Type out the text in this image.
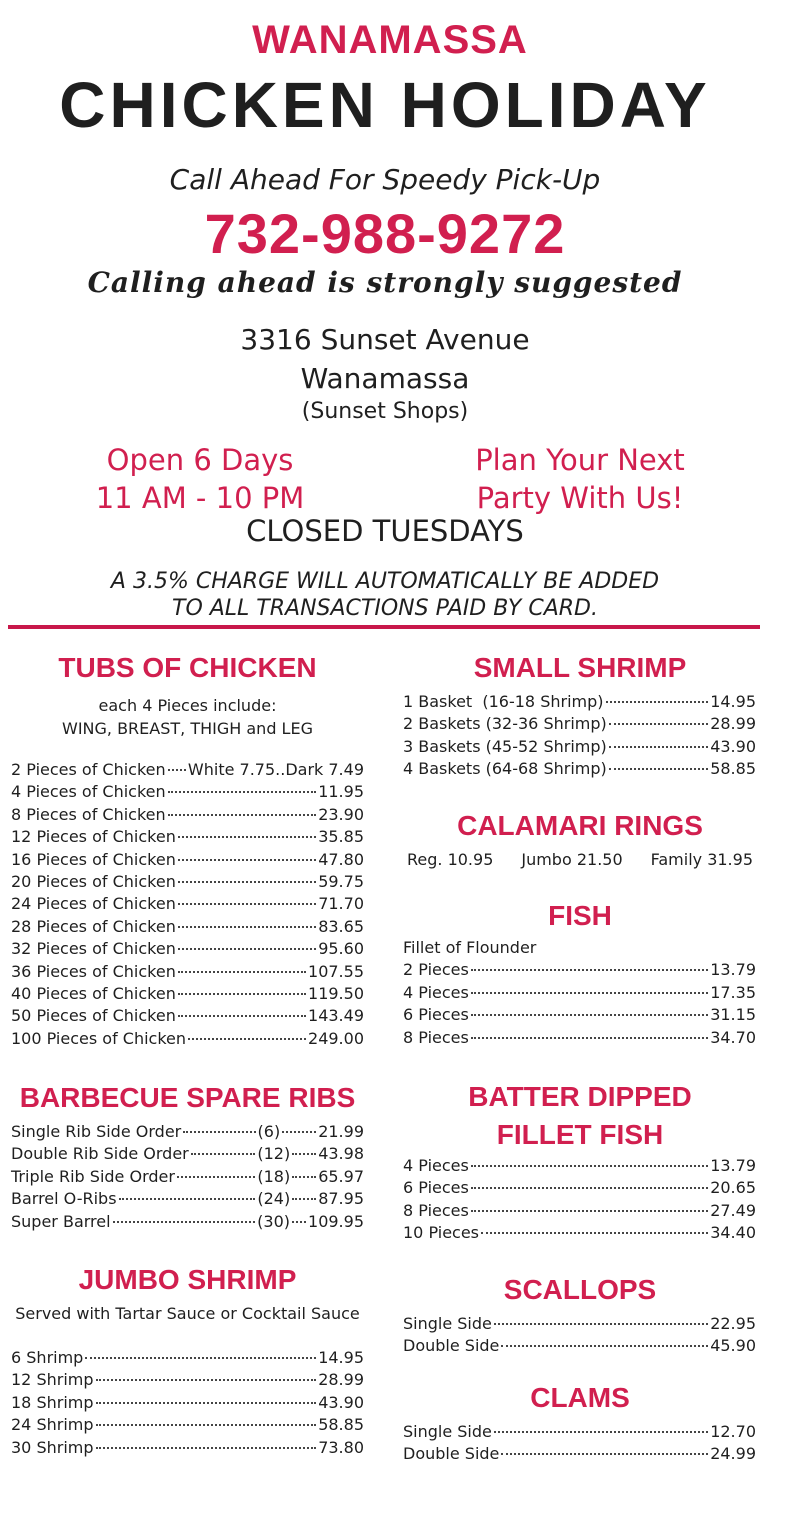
WANAMASSA
CHICKEN HOLIDAY
Call Ahead For Speedy Pick-Up
732-988-9272
Calling ahead is strongly suggested
3316 Sunset Avenue
Wanamassa
(Sunset Shops)
Open 6 Days
11 AM - 10 PM
Plan Your Next
Party With Us!
CLOSED TUESDAYS
A 3.5% CHARGE WILL AUTOMATICALLY BE ADDED
TO ALL TRANSACTIONS PAID BY CARD.
TUBS OF CHICKEN
each 4 Pieces include:
WING, BREAST, THIGH and LEG
2 Pieces of Chicken White 7.75..Dark 7.49
4 Pieces of Chicken	11.95
8 Pieces of Chicken	23.90
12 Pieces of Chicken	35.85
16 Pieces of Chicken	47.80
20 Pieces of Chicken	59.75
24 Pieces of Chicken	71.70
28 Pieces of Chicken	83.65
32 Pieces of Chicken	95.60
36 Pieces of Chicken	107.55
40 Pieces of Chicken	119.50
50 Pieces of Chicken	143.49
100 Pieces of Chicken	249.00
BARBECUE SPARE RIBS
Single Rib Side Order	(6) 21.99
Double Rib Side Order	(12) 43.98
Triple Rib Side Order	(18) 65.97
Barrel O-Ribs	(24) 87.95
Super Barrel	(30) 109.95
JUMBO SHRIMP
Served with Tartar Sauce or Cocktail Sauce
6 Shrimp	14.95
12 Shrimp	28.99
18 Shrimp	43.90
24 Shrimp	58.85
30 Shrimp	73.80
SMALL SHRIMP
1 Basket  (16-18 Shrimp)	14.95
2 Baskets (32-36 Shrimp)	28.99
3 Baskets (45-52 Shrimp)	43.90
4 Baskets (64-68 Shrimp)	58.85
CALAMARI RINGS
Reg. 10.95 Jumbo 21.50 Family 31.95
FISH
Fillet of Flounder
2 Pieces	13.79
4 Pieces	17.35
6 Pieces	31.15
8 Pieces	34.70
BATTER DIPPED
FILLET FISH
4 Pieces	13.79
6 Pieces	20.65
8 Pieces	27.49
10 Pieces	34.40
SCALLOPS
Single Side	22.95
Double Side	45.90
CLAMS
Single Side	12.70
Double Side	24.99
